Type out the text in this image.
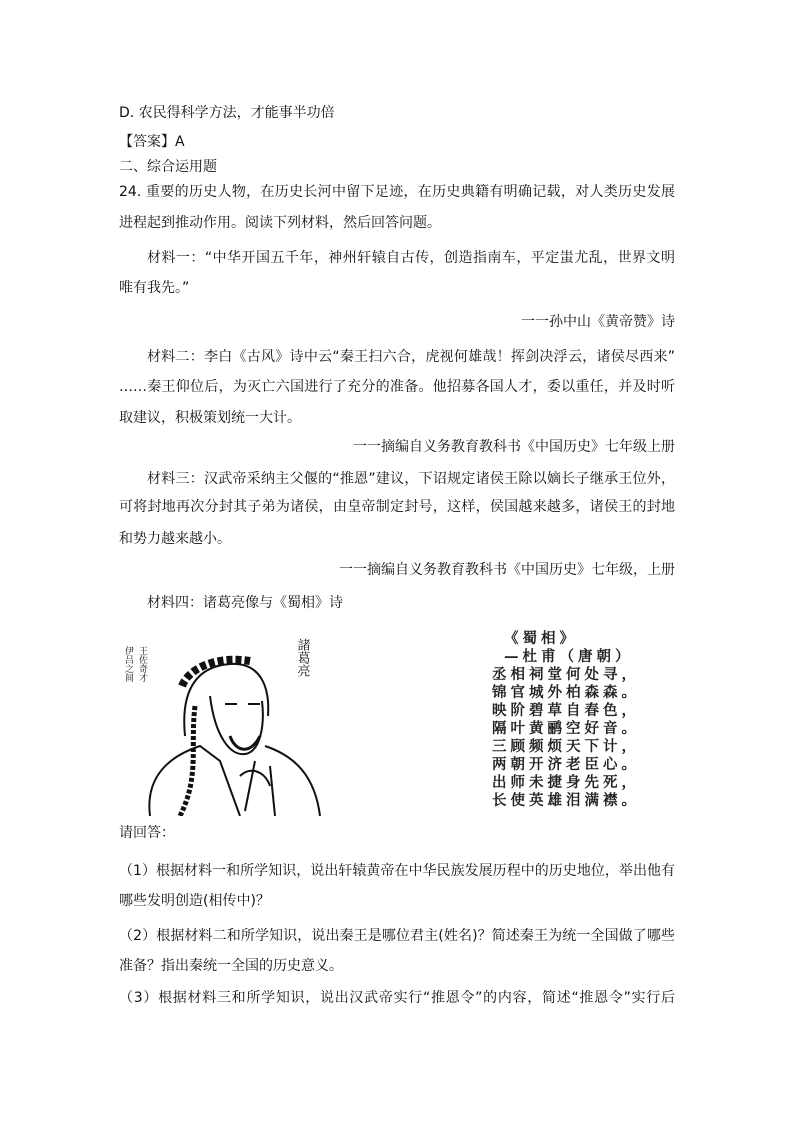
D. 农民得科学方法，才能事半功倍
【答案】A
二、综合运用题
24. 重要的历史人物，在历史长河中留下足迹，在历史典籍有明确记载，对人类历史发展
进程起到推动作用。阅读下列材料，然后回答问题。
材料一：“中华开国五千年，神州轩辕自古传，创造指南车，平定蚩尤乱，世界文明
唯有我先。”
一一孙中山《黄帝赞》诗
材料二：李白《古风》诗中云“秦王扫六合，虎视何雄哉！挥剑决浮云，诸侯尽西来”
……秦王仰位后，为灭亡六国进行了充分的准备。他招募各国人才，委以重任，并及时听
取建议，积极策划统一大计。
一一摘编自义务教育教科书《中国历史》七年级上册
材料三：汉武帝采纳主父偃的“推恩”建议，下诏规定诸侯王除以嫡长子继承王位外，
可将封地再次分封其子弟为诸侯，由皇帝制定封号，这样，侯国越来越多，诸侯王的封地
和势力越来越小。
一一摘编自义务教育教科书《中国历史》七年级，上册
材料四：诸葛亮像与《蜀相》诗
伊吕之间 王佐奇才	諸葛亮	《蜀相》
—杜甫（唐朝）
丞相祠堂何处寻，
锦官城外柏森森。
映阶碧草自春色，
隔叶黄鹂空好音。
三顾频烦天下计，
两朝开济老臣心。
出师未捷身先死，
长使英雄泪满襟。
请回答：
（1）根据材料一和所学知识，说出轩辕黄帝在中华民族发展历程中的历史地位，举出他有
哪些发明创造(相传中)？
（2）根据材料二和所学知识，说出秦王是哪位君主(姓名)？简述秦王为统一全国做了哪些
准备？指出秦统一全国的历史意义。
（3）根据材料三和所学知识，说出汉武帝实行“推恩令”的内容，简述“推恩令”实行后
